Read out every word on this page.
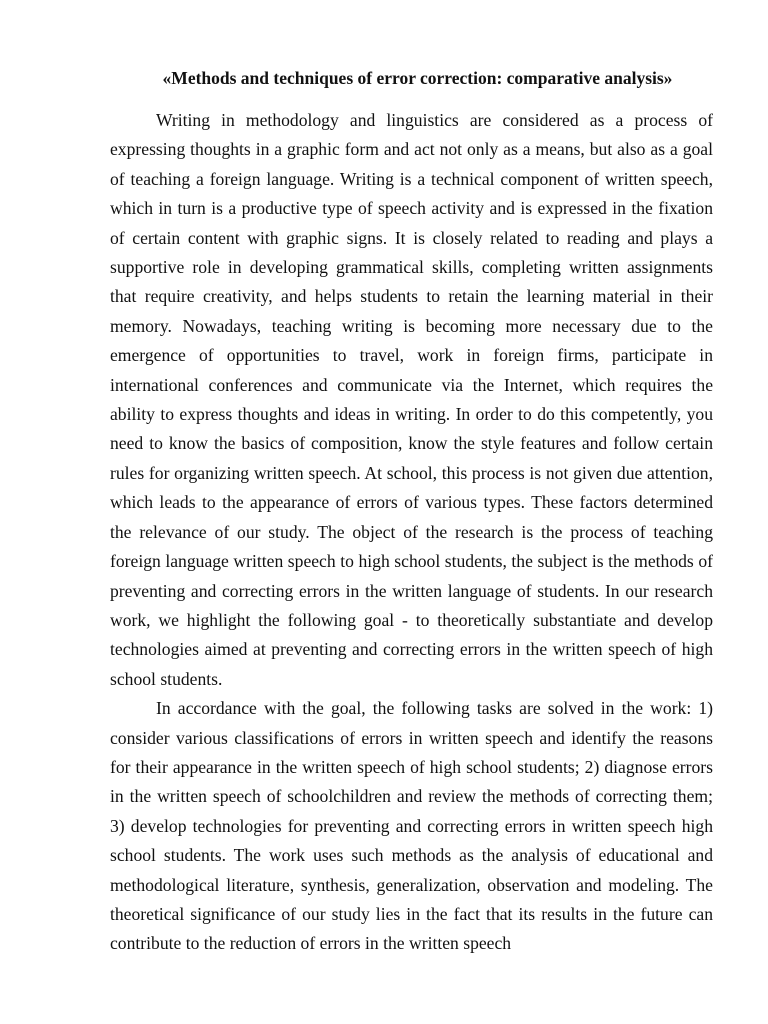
«Methods and techniques of error correction: comparative analysis»

Writing in methodology and linguistics are considered as a process of expressing thoughts in a graphic form and act not only as a means, but also as a goal of teaching a foreign language. Writing is a technical component of written speech, which in turn is a productive type of speech activity and is expressed in the fixation of certain content with graphic signs. It is closely related to reading and plays a supportive role in developing grammatical skills, completing written assignments that require creativity, and helps students to retain the learning material in their memory. Nowadays, teaching writing is becoming more necessary due to the emergence of opportunities to travel, work in foreign firms, participate in international conferences and communicate via the Internet, which requires the ability to express thoughts and ideas in writing. In order to do this competently, you need to know the basics of composition, know the style features and follow certain rules for organizing written speech. At school, this process is not given due attention, which leads to the appearance of errors of various types. These factors determined the relevance of our study. The object of the research is the process of teaching foreign language written speech to high school students, the subject is the methods of preventing and correcting errors in the written language of students. In our research work, we highlight the following goal - to theoretically substantiate and develop technologies aimed at preventing and correcting errors in the written speech of high school students.

In accordance with the goal, the following tasks are solved in the work: 1) consider various classifications of errors in written speech and identify the reasons for their appearance in the written speech of high school students; 2) diagnose errors in the written speech of schoolchildren and review the methods of correcting them; 3) develop technologies for preventing and correcting errors in written speech high school students. The work uses such methods as the analysis of educational and methodological literature, synthesis, generalization, observation and modeling. The theoretical significance of our study lies in the fact that its results in the future can contribute to the reduction of errors in the written speech
